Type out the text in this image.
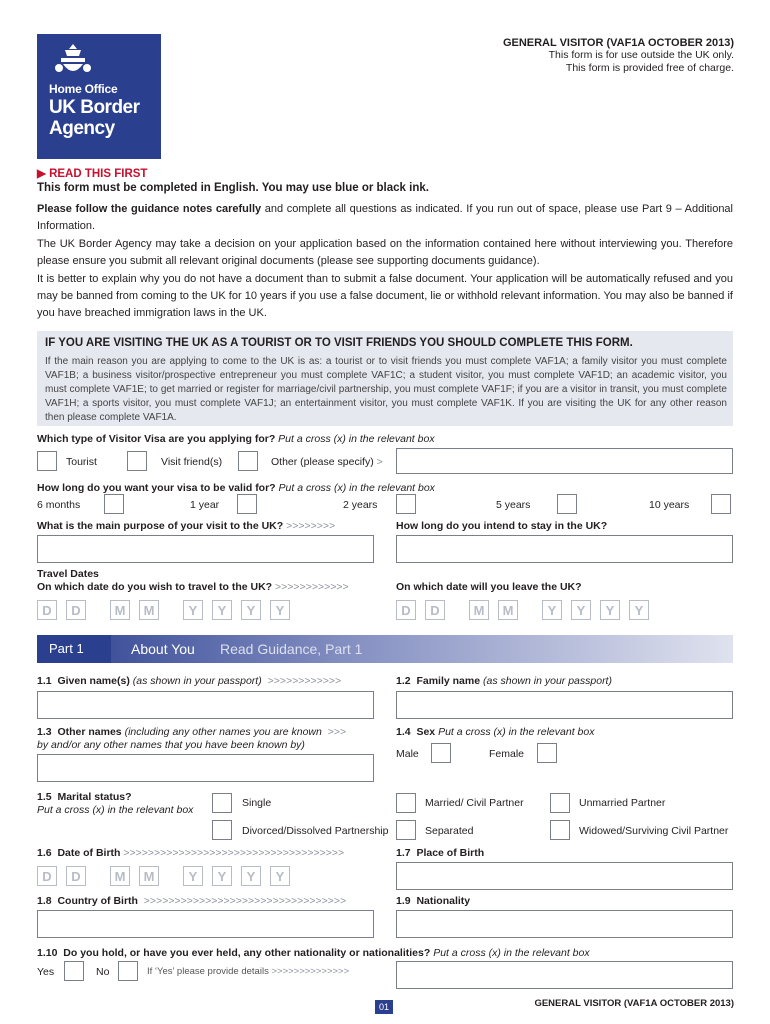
Home Office
UK Border
Agency
GENERAL VISITOR (VAF1A OCTOBER 2013)
This form is for use outside the UK only.
This form is provided free of charge.
▶ READ THIS FIRST
This form must be completed in English. You may use blue or black ink.
Please follow the guidance notes carefully and complete all questions as indicated. If you run out of space, please use Part 9 – Additional Information.
The UK Border Agency may take a decision on your application based on the information contained here without interviewing you. Therefore please ensure you submit all relevant original documents (please see supporting documents guidance).
It is better to explain why you do not have a document than to submit a false document. Your application will be automatically refused and you may be banned from coming to the UK for 10 years if you use a false document, lie or withhold relevant information. You may also be banned if you have breached immigration laws in the UK.
IF YOU ARE VISITING THE UK AS A TOURIST OR TO VISIT FRIENDS YOU SHOULD COMPLETE THIS FORM.
If the main reason you are applying to come to the UK is as: a tourist or to visit friends you must complete VAF1A; a family visitor you must complete VAF1B; a business visitor/prospective entrepreneur you must complete VAF1C; a student visitor, you must complete VAF1D; an academic visitor, you must complete VAF1E; to get married or register for marriage/civil partnership, you must complete VAF1F; if you are a visitor in transit, you must complete VAF1H; a sports visitor, you must complete VAF1J; an entertainment visitor, you must complete VAF1K. If you are visiting the UK for any other reason then please complete VAF1A.
Which type of Visitor Visa are you applying for? Put a cross (x) in the relevant box
Tourist	Visit friend(s)	Other (please specify) >
How long do you want your visa to be valid for? Put a cross (x) in the relevant box
6 months	1 year	2 years	5 years	10 years
What is the main purpose of your visit to the UK? >>>>>>>>	How long do you intend to stay in the UK?
Travel Dates
On which date do you wish to travel to the UK? >>>>>>>>>>>>	On which date will you leave the UK?
D	D	M	M	Y	Y	Y	Y	D	D	M	M	Y	Y	Y	Y
Part 1	About You Read Guidance, Part 1
1.1 Given name(s) (as shown in your passport) >>>>>>>>>>>>	1.2 Family name (as shown in your passport)
1.3 Other names (including any other names you are known >>>
by and/or any other names that you have been known by)
1.4 Sex Put a cross (x) in the relevant box
Male	Female
1.5 Marital status?
Put a cross (x) in the relevant box
Single	Married/ Civil Partner	Unmarried Partner
Divorced/Dissolved Partnership	Separated	Widowed/Surviving Civil Partner
1.6 Date of Birth >>>>>>>>>>>>>>>>>>>>>>>>>>>>>>>>>>>>
D	D	M	M	Y	Y	Y	Y
1.7 Place of Birth
1.8 Country of Birth >>>>>>>>>>>>>>>>>>>>>>>>>>>>>>>>>	1.9 Nationality
1.10 Do you hold, or have you ever held, any other nationality or nationalities? Put a cross (x) in the relevant box
Yes	No	If ‘Yes’ please provide details >>>>>>>>>>>>>>
01	GENERAL VISITOR (VAF1A OCTOBER 2013)
